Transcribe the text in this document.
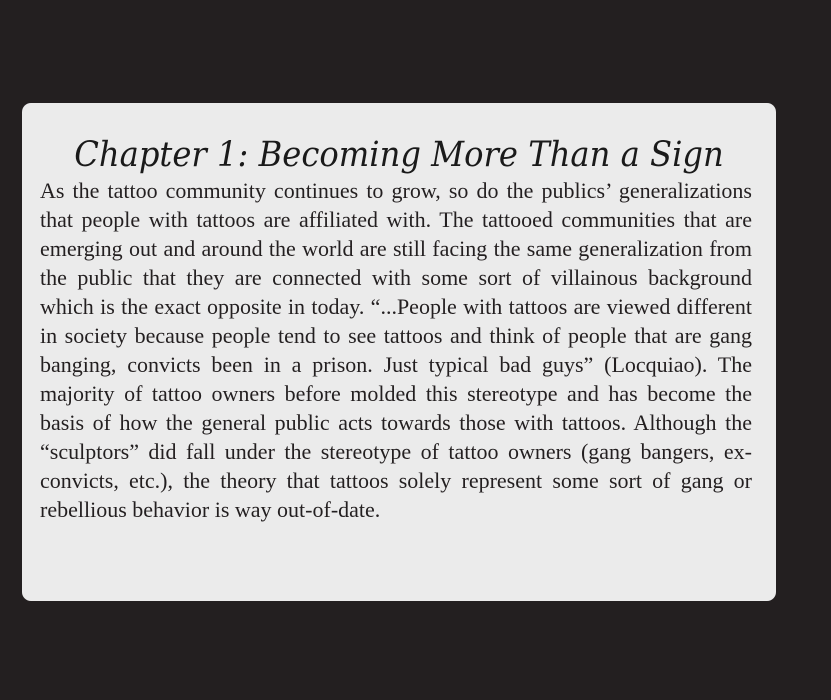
Chapter 1: Becoming More Than a Sign

As the tattoo community continues to grow, so do the publics’ generalizations that people with tattoos are affiliated with. The tattooed communities that are emerging out and around the world are still facing the same generalization from the public that they are connected with some sort of villainous background which is the exact opposite in today. “...People with tattoos are viewed different in society because people tend to see tattoos and think of people that are gang banging, convicts been in a prison. Just typical bad guys” (Locquiao). The majority of tattoo owners before molded this stereotype and has become the basis of how the general public acts towards those with tattoos. Although the “sculptors” did fall under the stereotype of tattoo owners (gang bangers, ex-convicts, etc.), the theory that tattoos solely represent some sort of gang or rebellious behavior is way out-of-date.
